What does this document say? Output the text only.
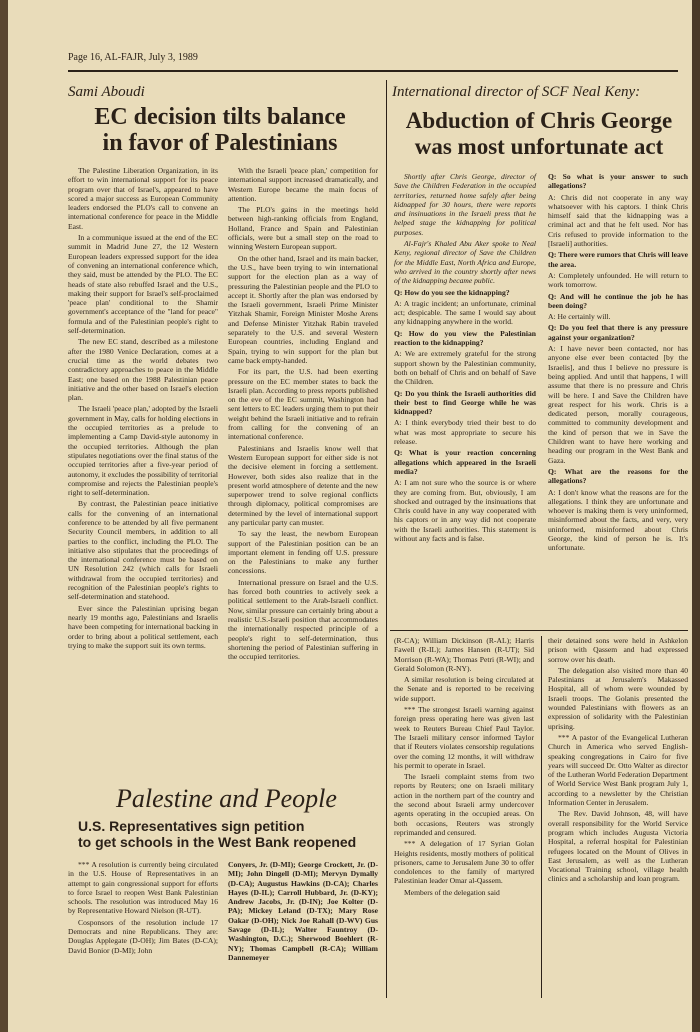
Page 16, AL-FAJR, July 3, 1989
Sami Aboudi
EC decision tilts balance
in favor of Palestinians

The Palestine Liberation Organization, in its effort to win international support for its peace program over that of Israel's, appeared to have scored a major success as European Community leaders endorsed the PLO's call to convene an international conference for peace in the Middle East.

In a communique issued at the end of the EC summit in Madrid June 27, the 12 Western European leaders expressed support for the idea of convening an international conference which, they said, must be attended by the PLO. The EC heads of state also rebuffed Israel and the U.S., making their support for Israel's self-proclaimed 'peace plan' conditional to the Shamir government's acceptance of the "land for peace" formula and of the Palestinian people's right to self-determination.

The new EC stand, described as a milestone after the 1980 Venice Declaration, comes at a crucial time as the world debates two contradictory approaches to peace in the Middle East; one based on the 1988 Palestinian peace initiative and the other based on Israel's election plan.

The Israeli 'peace plan,' adopted by the Israeli government in May, calls for holding elections in the occupied territories as a prelude to implementing a Camp David-style autonomy in the occupied territories. Although the plan stipulates negotiations over the final status of the occupied territories after a five-year period of autonomy, it excludes the possibility of territorial compromise and rejects the Palestinian people's right to self-determination.

By contrast, the Palestinian peace initiative calls for the convening of an international conference to be attended by all five permanent Security Council members, in addition to all parties to the conflict, including the PLO. The initiative also stipulates that the proceedings of the international conference must be based on UN Resolution 242 (which calls for Israeli withdrawal from the occupied territories) and recognition of the Palestinian people's rights to self-determination and statehood.

Ever since the Palestinian uprising began nearly 19 months ago, Palestinians and Israelis have been competing for international backing in order to bring about a political settlement, each trying to make the support suit its own terms.

With the Israeli 'peace plan,' competition for international support increased dramatically, and Western Europe became the main focus of attention.

The PLO's gains in the meetings held between high-ranking officials from England, Holland, France and Spain and Palestinian officials, were but a small step on the road to winning Western European support.

On the other hand, Israel and its main backer, the U.S., have been trying to win international support for the election plan as a way of pressuring the Palestinian people and the PLO to accept it. Shortly after the plan was endorsed by the Israeli government, Israeli Prime Minister Yitzhak Shamir, Foreign Minister Moshe Arens and Defense Minister Yitzhak Rabin traveled separately to the U.S. and several Western European countries, including England and Spain, trying to win support for the plan but came back empty-handed.

For its part, the U.S. had been exerting pressure on the EC member states to back the Israeli plan. According to press reports published on the eve of the EC summit, Washington had sent letters to EC leaders urging them to put their weight behind the Israeli initiative and to refrain from calling for the convening of an international conference.

Palestinians and Israelis know well that Western European support for either side is not the decisive element in forcing a settlement. However, both sides also realize that in the present world atmosphere of detente and the new superpower trend to solve regional conflicts through diplomacy, political compromises are determined by the level of international support any particular party can muster.

To say the least, the newborn European support of the Palestinian position can be an important element in fending off U.S. pressure on the Palestinians to make any further concessions.

International pressure on Israel and the U.S. has forced both countries to actively seek a political settlement to the Arab-Israeli conflict. Now, similar pressure can certainly bring about a realistic U.S.-Israeli position that accommodates the internationally respected principle of a people's right to self-determination, thus shortening the period of Palestinian suffering in the occupied territories.

International director of SCF Neal Keny:
Abduction of Chris George
was most unfortunate act

Shortly after Chris George, director of Save the Children Federation in the occupied territories, returned home safely after being kidnapped for 30 hours, there were reports and insinuations in the Israeli press that he helped stage the kidnapping for political purposes.

Al-Fajr's Khaled Abu Aker spoke to Neal Keny, regional director of Save the Children for the Middle East, North Africa and Europe, who arrived in the country shortly after news of the kidnapping became public.

Q: How do you see the kidnapping?

A: A tragic incident; an unfortunate, criminal act; despicable. The same I would say about any kidnapping anywhere in the world.

Q: How do you view the Palestinian reaction to the kidnapping?

A: We are extremely grateful for the strong support shown by the Palestinian community, both on behalf of Chris and on behalf of Save the Children.

Q: Do you think the Israeli authorities did their best to find George while he was kidnapped?

A: I think everybody tried their best to do what was most appropriate to secure his release.

Q: What is your reaction concerning allegations which appeared in the Israeli media?

A: I am not sure who the source is or where they are coming from. But, obviously, I am shocked and outraged by the insinuations that Chris could have in any way cooperated with his captors or in any way did not cooperate with the Israeli authorities. This statement is without any facts and is false.

Q: So what is your answer to such allegations?

A: Chris did not cooperate in any way whatsoever with his captors. I think Chris himself said that the kidnapping was a criminal act and that he felt used. Nor has Cris refused to provide information to the [Israeli] authorities.

Q: There were rumors that Chris will leave the area.

A: Completely unfounded. He will return to work tomorrow.

Q: And will he continue the job he has been doing?

A: He certainly will.

Q: Do you feel that there is any pressure against your organization?

A: I have never been contacted, nor has anyone else ever been contacted [by the Israelis], and thus I believe no pressure is being applied. And until that happens, I will assume that there is no pressure and Chris will be here. I and Save the Children have great respect for his work. Chris is a dedicated person, morally courageous, committed to community development and the kind of person that we in Save the Children want to have here working and heading our program in the West Bank and Gaza.

Q: What are the reasons for the allegations?

A: I don't know what the reasons are for the allegations. I think they are unfortunate and whoever is making them is very uninformed, misinformed about the facts, and very, very uninformed, misinformed about Chris George, the kind of person he is. It's unfortunate.

Palestine and People
U.S. Representatives sign petition
to get schools in the West Bank reopened

*** A resolution is currently being circulated in the U.S. House of Representatives in an attempt to gain congressional support for efforts to force Israel to reopen West Bank Palestinian schools. The resolution was introduced May 16 by Representative Howard Nielson (R-UT).

Cosponsors of the resolution include 17 Democrats and nine Republicans. They are: Douglas Applegate (D-OH); Jim Bates (D-CA); David Bonior (D-MI); John

Conyers, Jr. (D-MI); George Crockett, Jr. (D-MI); John Dingell (D-MI); Mervyn Dymally (D-CA); Augustus Hawkins (D-CA); Charles Hayes (D-IL); Carroll Hubbard, Jr. (D-KY); Andrew Jacobs, Jr. (D-IN); Joe Kolter (D-PA); Mickey Leland (D-TX); Mary Rose Oakar (D-OH); Nick Joe Rahall (D-WV) Gus Savage (D-IL); Walter Fauntroy (D-Washington, D.C.); Sherwood Boehlert (R-NY); Thomas Campbell (R-CA); William Dannemeyer

(R-CA); William Dickinson (R-AL); Harris Fawell (R-IL); James Hansen (R-UT); Sid Morrison (R-WA); Thomas Petri (R-WI); and Gerald Solomon (R-NY).

A similar resolution is being circulated at the Senate and is reported to be receiving wide support.

*** The strongest Israeli warning against foreign press operating here was given last week to Reuters Bureau Chief Paul Taylor. The Israeli military censor informed Taylor that if Reuters violates censorship regulations over the coming 12 months, it will withdraw his permit to operate in Israel.

The Israeli complaint stems from two reports by Reuters; one on Israeli military action in the northern part of the country and the second about Israeli army undercover agents operating in the occupied areas. On both occasions, Reuters was strongly reprimanded and censured.

*** A delegation of 17 Syrian Golan Heights residents, mostly mothers of political prisoners, came to Jerusalem June 30 to offer condolences to the family of martyred Palestinian leader Omar al-Qassem.

Members of the delegation said

their detained sons were held in Ashkelon prison with Qassem and had expressed sorrow over his death.

The delegation also visited more than 40 Palestinians at Jerusalem's Makassed Hospital, all of whom were wounded by Israeli troops. The Golanis presented the wounded Palestinians with flowers as an expression of solidarity with the Palestinian uprising.

*** A pastor of the Evangelical Lutheran Church in America who served English-speaking congregations in Cairo for five years will succeed Dr. Otto Walter as director of the Lutheran World Federation Department of World Service West Bank program July 1, according to a newsletter by the Christian Information Center in Jerusalem.

The Rev. David Johnson, 48, will have overall responsibility for the World Service program which includes Augusta Victoria Hospital, a referral hospital for Palestinian refugees located on the Mount of Olives in East Jerusalem, as well as the Lutheran Vocational Training school, village health clinics and a scholarship and loan program.
